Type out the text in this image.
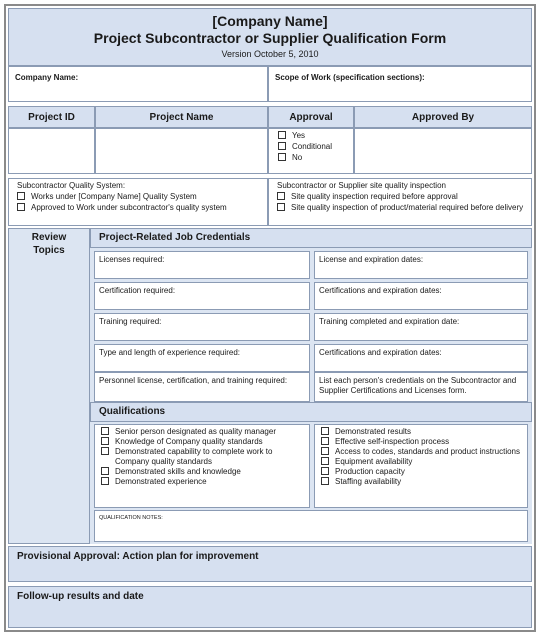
[Company Name]
Project Subcontractor or Supplier Qualification Form
Version October 5, 2010
Company Name:	Scope of Work (specification sections):
Project ID	Project Name	Approval	Approved By
Yes
Conditional
No
Subcontractor Quality System:
Works under [Company Name] Quality System
Approved to Work under subcontractor's quality system
Subcontractor or Supplier site quality inspection
Site quality inspection required before approval
Site quality inspection of product/material required before delivery
Review Topics
Project-Related Job Credentials
Licenses required:	License and expiration dates:
Certification required:	Certifications and expiration dates:
Training required:	Training completed and expiration date:
Type and length of experience required:	Certifications and expiration dates:
Personnel license, certification, and training required:	List each person's credentials on the Subcontractor and Supplier Certifications and Licenses form.
Qualifications
Senior person designated as quality manager
Knowledge of Company quality standards
Demonstrated capability to complete work to Company quality standards
Demonstrated skills and knowledge
Demonstrated experience
Demonstrated results
Effective self-inspection process
Access to codes, standards and product instructions
Equipment availability
Production capacity
Staffing availability
QUALIFICATION NOTES:
Provisional Approval: Action plan for improvement
Follow-up results and date
